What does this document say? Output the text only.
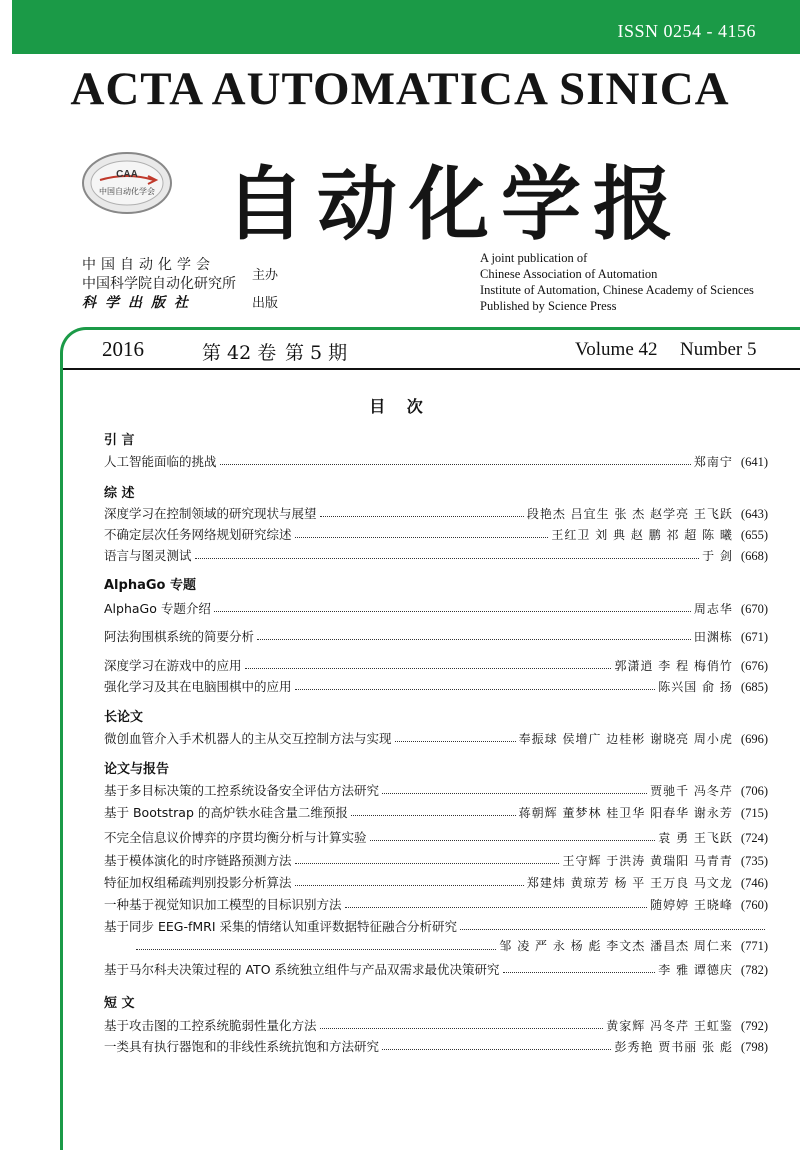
ISSN 0254 - 4156
ACTA AUTOMATICA SINICA
CAA
中国自动化学会 自动化学报
中国自动化学会
中国科学院自动化研究所
主办
科学出版社	出版
A joint publication of
Chinese Association of Automation
Institute of Automation, Chinese Academy of Sciences
Published by Science Press
2016	第 42 卷 第 5 期	Volume 42 Number 5
目 次
引 言
人工智能面临的挑战	郑南宁 (641)
综 述
深度学习在控制领域的研究现状与展望	段艳杰 吕宜生 张 杰 赵学亮 王飞跃 (643)
不确定层次任务网络规划研究综述	王红卫 刘 典 赵 鹏 祁 超 陈 曦 (655)
语言与图灵测试	于 剑 (668)
AlphaGo 专题
AlphaGo 专题介绍	周志华 (670)
阿法狗围棋系统的简要分析	田渊栋 (671)
深度学习在游戏中的应用	郭潇逍 李 程 梅俏竹 (676)
强化学习及其在电脑围棋中的应用	陈兴国 俞 扬 (685)
长论文
微创血管介入手术机器人的主从交互控制方法与实现	奉振球 侯增广 边桂彬 谢晓亮 周小虎 (696)
论文与报告
基于多目标决策的工控系统设备安全评估方法研究	贾驰千 冯冬芹 (706)
基于 Bootstrap 的高炉铁水硅含量二维预报	蒋朝辉 董梦林 桂卫华 阳春华 谢永芳 (715)
不完全信息议价博弈的序贯均衡分析与计算实验	袁 勇 王飞跃 (724)
基于模体演化的时序链路预测方法	王守辉 于洪涛 黄瑞阳 马青青 (735)
特征加权组稀疏判别投影分析算法	郑建炜 黄琼芳 杨 平 王万良 马文龙 (746)
一种基于视觉知识加工模型的目标识别方法	随婷婷 王晓峰 (760)
基于同步 EEG-fMRI 采集的情绪认知重评数据特征融合分析研究
邹 凌 严 永 杨 彪 李文杰 潘昌杰 周仁来 (771)
基于马尔科夫决策过程的 ATO 系统独立组件与产品双需求最优决策研究	李 雅 谭德庆 (782)
短 文
基于攻击图的工控系统脆弱性量化方法	黄家辉 冯冬芹 王虹鉴 (792)
一类具有执行器饱和的非线性系统抗饱和方法研究	彭秀艳 贾书丽 张 彪 (798)
